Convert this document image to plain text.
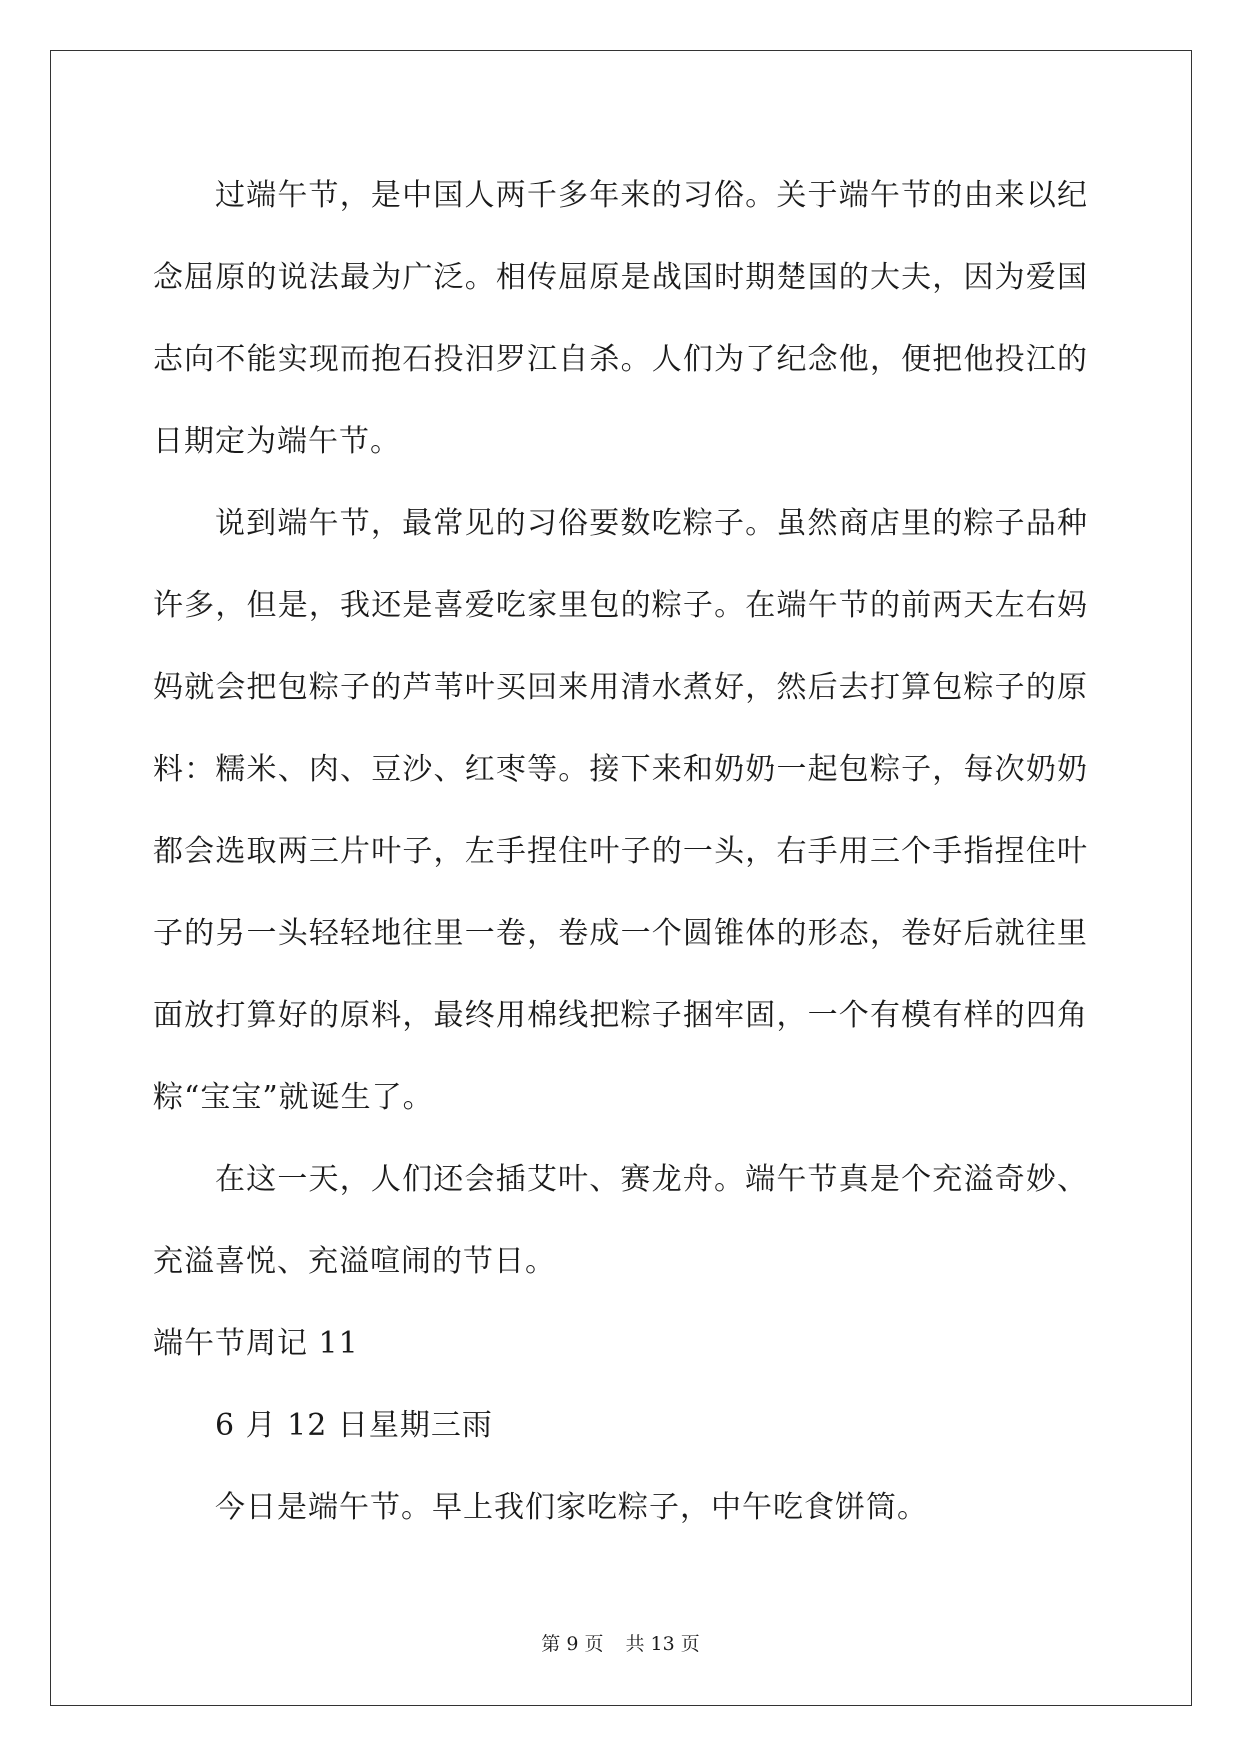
过端午节，是中国人两千多年来的习俗。关于端午节的由来以纪念屈原的说法最为广泛。相传屈原是战国时期楚国的大夫，因为爱国志向不能实现而抱石投汨罗江自杀。人们为了纪念他，便把他投江的日期定为端午节。

说到端午节，最常见的习俗要数吃粽子。虽然商店里的粽子品种许多，但是，我还是喜爱吃家里包的粽子。在端午节的前两天左右妈妈就会把包粽子的芦苇叶买回来用清水煮好，然后去打算包粽子的原料：糯米、肉、豆沙、红枣等。接下来和奶奶一起包粽子，每次奶奶都会选取两三片叶子，左手捏住叶子的一头，右手用三个手指捏住叶子的另一头轻轻地往里一卷，卷成一个圆锥体的形态，卷好后就往里面放打算好的原料，最终用棉线把粽子捆牢固，一个有模有样的四角粽“宝宝”就诞生了。

在这一天，人们还会插艾叶、赛龙舟。端午节真是个充溢奇妙、充溢喜悦、充溢喧闹的节日。

端午节周记 11

6 月 12 日星期三雨

今日是端午节。早上我们家吃粽子，中午吃食饼筒。

第 9 页 共 13 页
